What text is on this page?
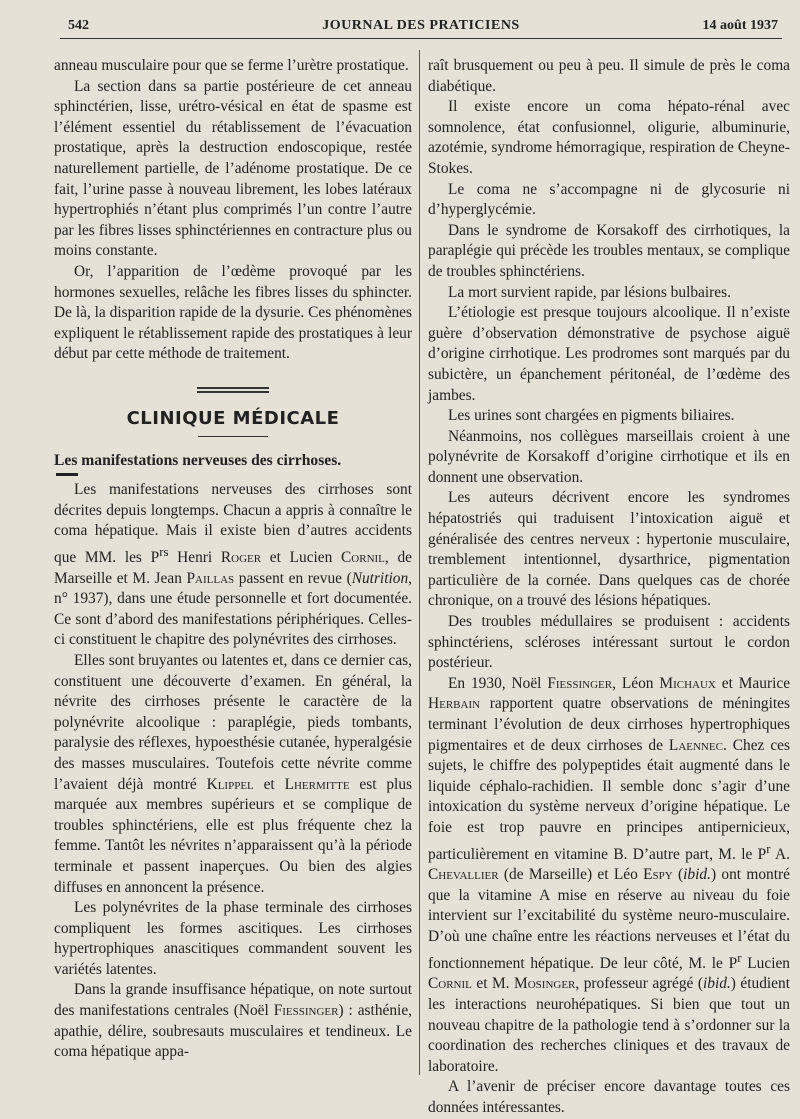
542	JOURNAL DES PRATICIENS	14 août 1937

anneau musculaire pour que se ferme l’urètre prostatique.

La section dans sa partie postérieure de cet anneau sphinctérien, lisse, urétro-vésical en état de spasme est l’élément essentiel du rétablissement de l’évacuation prostatique, après la destruction endoscopique, restée naturellement partielle, de l’adénome prostatique. De ce fait, l’urine passe à nouveau librement, les lobes latéraux hypertrophiés n’étant plus comprimés l’un contre l’autre par les fibres lisses sphinctériennes en contracture plus ou moins constante.

Or, l’apparition de l’œdème provoqué par les hormones sexuelles, relâche les fibres lisses du sphincter. De là, la disparition rapide de la dysurie. Ces phénomènes expliquent le rétablissement rapide des prostatiques à leur début par cette méthode de traitement.

CLINIQUE MÉDICALE
Les manifestations nerveuses des cirrhoses.

Les manifestations nerveuses des cirrhoses sont décrites depuis longtemps. Chacun a appris à connaître le coma hépatique. Mais il existe bien d’autres accidents que MM. les $P^{rs}$ Henri Roger et Lucien Cornil, de Marseille et M. Jean Paillas passent en revue (Nutrition, n° 1937), dans une étude personnelle et fort documentée. Ce sont d’abord des manifestations périphériques. Celles-ci constituent le chapitre des polynévrites des cirrhoses.

Elles sont bruyantes ou latentes et, dans ce dernier cas, constituent une découverte d’examen. En général, la névrite des cirrhoses présente le caractère de la polynévrite alcoolique : paraplégie, pieds tombants, paralysie des réflexes, hypoesthésie cutanée, hyperalgésie des masses musculaires. Toutefois cette névrite comme l’avaient déjà montré Klippel et Lhermitte est plus marquée aux membres supérieurs et se complique de troubles sphinctériens, elle est plus fréquente chez la femme. Tantôt les névrites n’apparaissent qu’à la période terminale et passent inaperçues. Ou bien des algies diffuses en annoncent la présence.

Les polynévrites de la phase terminale des cirrhoses compliquent les formes ascitiques. Les cirrhoses hypertrophiques anascitiques commandent souvent les variétés latentes.

Dans la grande insuffisance hépatique, on note surtout des manifestations centrales (Noël Fiessinger) : asthénie, apathie, délire, soubresauts musculaires et tendineux. Le coma hépatique appa-

raît brusquement ou peu à peu. Il simule de près le coma diabétique.

Il existe encore un coma hépato-rénal avec somnolence, état confusionnel, oligurie, albuminurie, azotémie, syndrome hémorragique, respiration de Cheyne-Stokes.

Le coma ne s’accompagne ni de glycosurie ni d’hyperglycémie.

Dans le syndrome de Korsakoff des cirrhotiques, la paraplégie qui précède les troubles mentaux, se complique de troubles sphinctériens.

La mort survient rapide, par lésions bulbaires.

L’étiologie est presque toujours alcoolique. Il n’existe guère d’observation démonstrative de psychose aiguë d’origine cirrhotique. Les prodromes sont marqués par du subictère, un épanchement péritonéal, de l’œdème des jambes.

Les urines sont chargées en pigments biliaires.

Néanmoins, nos collègues marseillais croient à une polynévrite de Korsakoff d’origine cirrhotique et ils en donnent une observation.

Les auteurs décrivent encore les syndromes hépatostriés qui traduisent l’intoxication aiguë et généralisée des centres nerveux : hypertonie musculaire, tremblement intentionnel, dysarthrice, pigmentation particulière de la cornée. Dans quelques cas de chorée chronique, on a trouvé des lésions hépatiques.

Des troubles médullaires se produisent : accidents sphinctériens, scléroses intéressant surtout le cordon postérieur.

En 1930, Noël Fiessinger, Léon Michaux et Maurice Herbain rapportent quatre observations de méningites terminant l’évolution de deux cirrhoses hypertrophiques pigmentaires et de deux cirrhoses de Laennec. Chez ces sujets, le chiffre des polypeptides était augmenté dans le liquide céphalo-rachidien. Il semble donc s’agir d’une intoxication du système nerveux d’origine hépatique. Le foie est trop pauvre en principes antipernicieux, particulièrement en vitamine B. D’autre part, M. le $P^r$ A. Chevallier (de Marseille) et Léo Espy (ibid.) ont montré que la vitamine A mise en réserve au niveau du foie intervient sur l’excitabilité du système neuro-musculaire. D’où une chaîne entre les réactions nerveuses et l’état du fonctionnement hépatique. De leur côté, M. le $P^r$ Lucien Cornil et M. Mosinger, professeur agrégé (ibid.) étudient les interactions neurohépatiques. Si bien que tout un nouveau chapitre de la pathologie tend à s’ordonner sur la coordination des recherches cliniques et des travaux de laboratoire.

A l’avenir de préciser encore davantage toutes ces données intéressantes.
